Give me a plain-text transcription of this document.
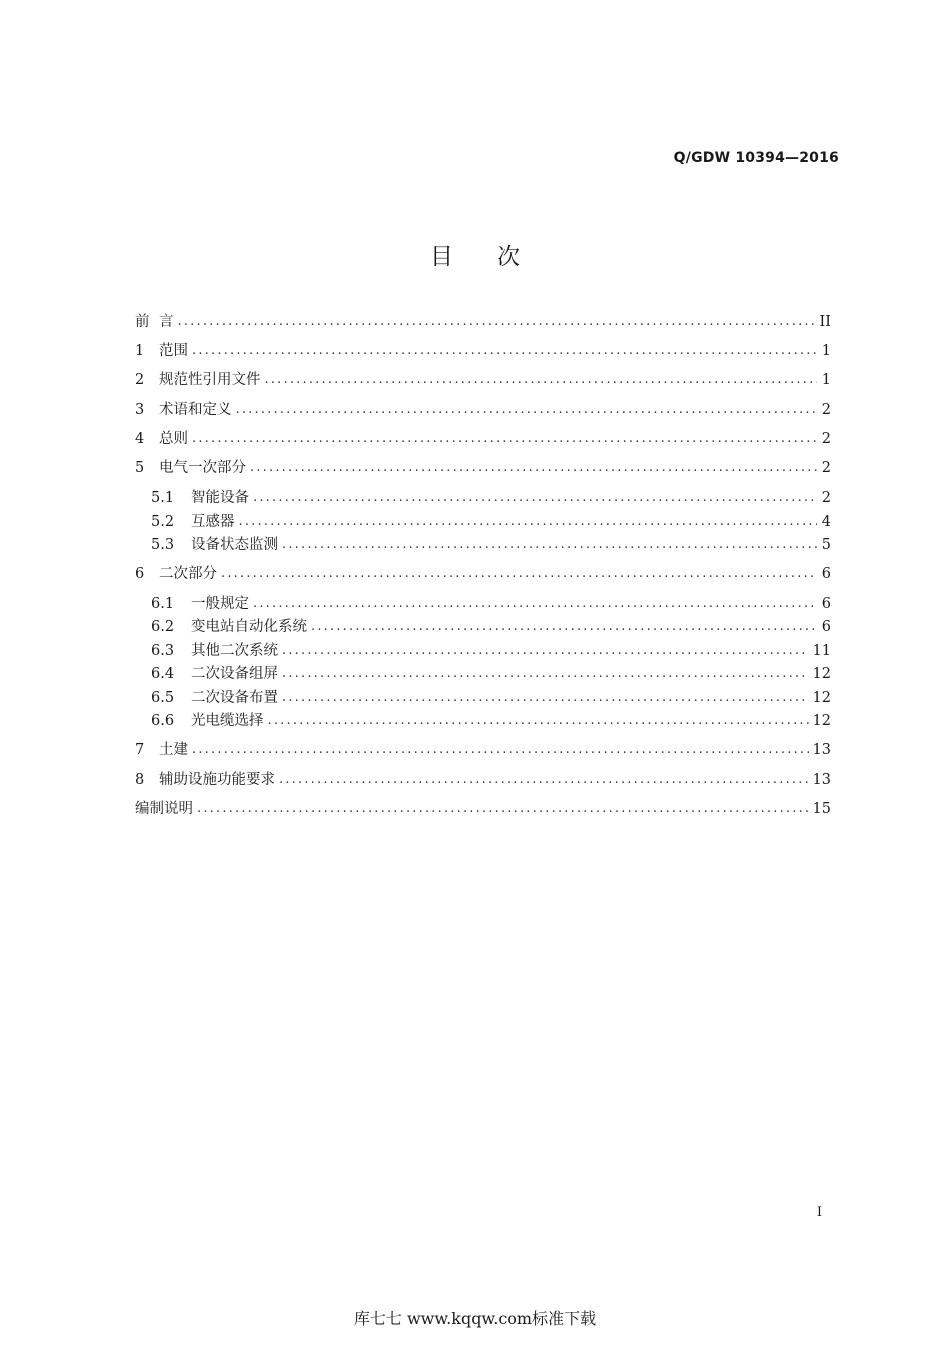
Q/GDW 10394—2016
目次
前 言 .....	II
1	范围 .....	1
2	规范性引用文件 .....	1
3	术语和定义 .....	2
4	总则 .....	2
5	电气一次部分 .....	2
5.1	智能设备 .....	2
5.2	互感器 .....	4
5.3	设备状态监测 .....	5
6	二次部分 .....	6
6.1	一般规定 .....	6
6.2	变电站自动化系统 .....	6
6.3	其他二次系统 .....	11
6.4	二次设备组屏 .....	12
6.5	二次设备布置 .....	12
6.6	光电缆选择 .....	12
7	土建 .....	13
8	辅助设施功能要求 .....	13
编制说明 .....	15
I
库七七 www.kqqw.com标准下载
